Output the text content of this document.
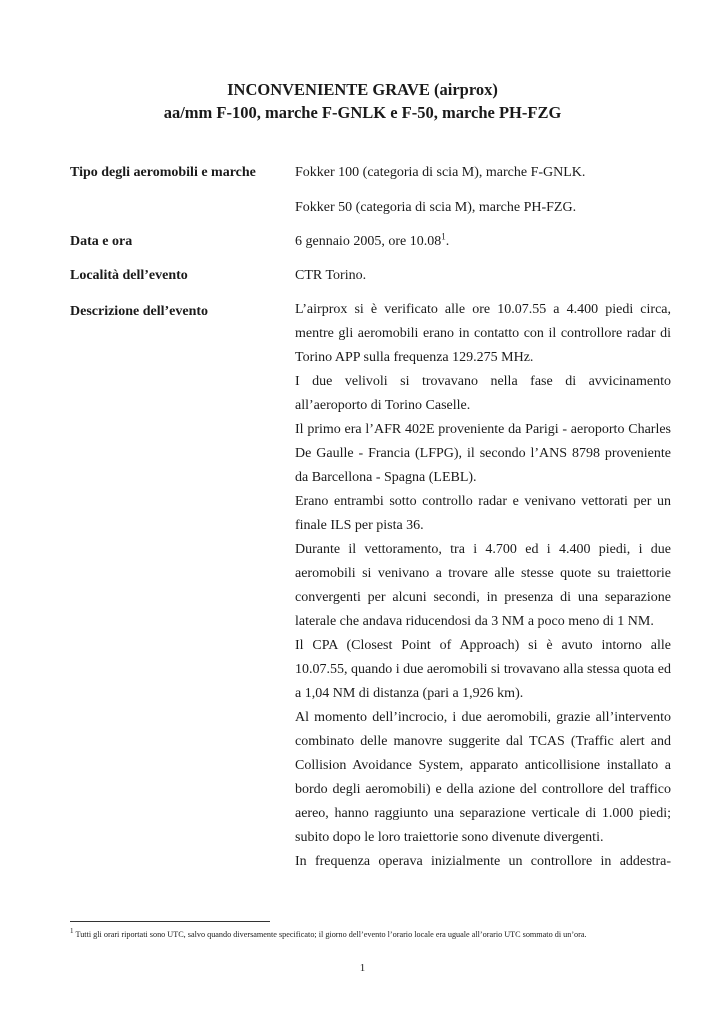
INCONVENIENTE GRAVE (airprox)
aa/mm F-100, marche F-GNLK e F-50, marche PH-FZG
Tipo degli aeromobili e marche	Fokker 100 (categoria di scia M), marche F-GNLK.
Fokker 50 (categoria di scia M), marche PH-FZG.
Data e ora	6 gennaio 2005, ore 10.08$^1$.
Località dell’evento	CTR Torino.
Descrizione dell’evento	L’airprox si è verificato alle ore 10.07.55 a 4.400 piedi circa, mentre gli aeromobili erano in contatto con il controllore radar di Torino APP sulla frequenza 129.275 MHz.

I due velivoli si trovavano nella fase di avvicinamento all’aeroporto di Torino Caselle.

Il primo era l’AFR 402E proveniente da Parigi - aeroporto Charles De Gaulle - Francia (LFPG), il secondo l’ANS 8798 proveniente da Barcellona - Spagna (LEBL).

Erano entrambi sotto controllo radar e venivano vettorati per un finale ILS per pista 36.

Durante il vettoramento, tra i 4.700 ed i 4.400 piedi, i due aeromobili si venivano a trovare alle stesse quote su traiettorie convergenti per alcuni secondi, in presenza di una separazione laterale che andava riducendosi da 3 NM a poco meno di 1 NM.

Il CPA (Closest Point of Approach) si è avuto intorno alle 10.07.55, quando i due aeromobili si trovavano alla stessa quota ed a 1,04 NM di distanza (pari a 1,926 km).

Al momento dell’incrocio, i due aeromobili, grazie all’intervento combinato delle manovre suggerite dal TCAS (Traffic alert and Collision Avoidance System, apparato anticollisione installato a bordo degli aeromobili) e della azione del controllore del traffico aereo, hanno raggiunto una separazione verticale di 1.000 piedi; subito dopo le loro traiettorie sono divenute divergenti.

In frequenza operava inizialmente un controllore in addestra-

$^1$ Tutti gli orari riportati sono UTC, salvo quando diversamente specificato; il giorno dell’evento l’orario locale era uguale all’orario UTC sommato di un’ora.
1
